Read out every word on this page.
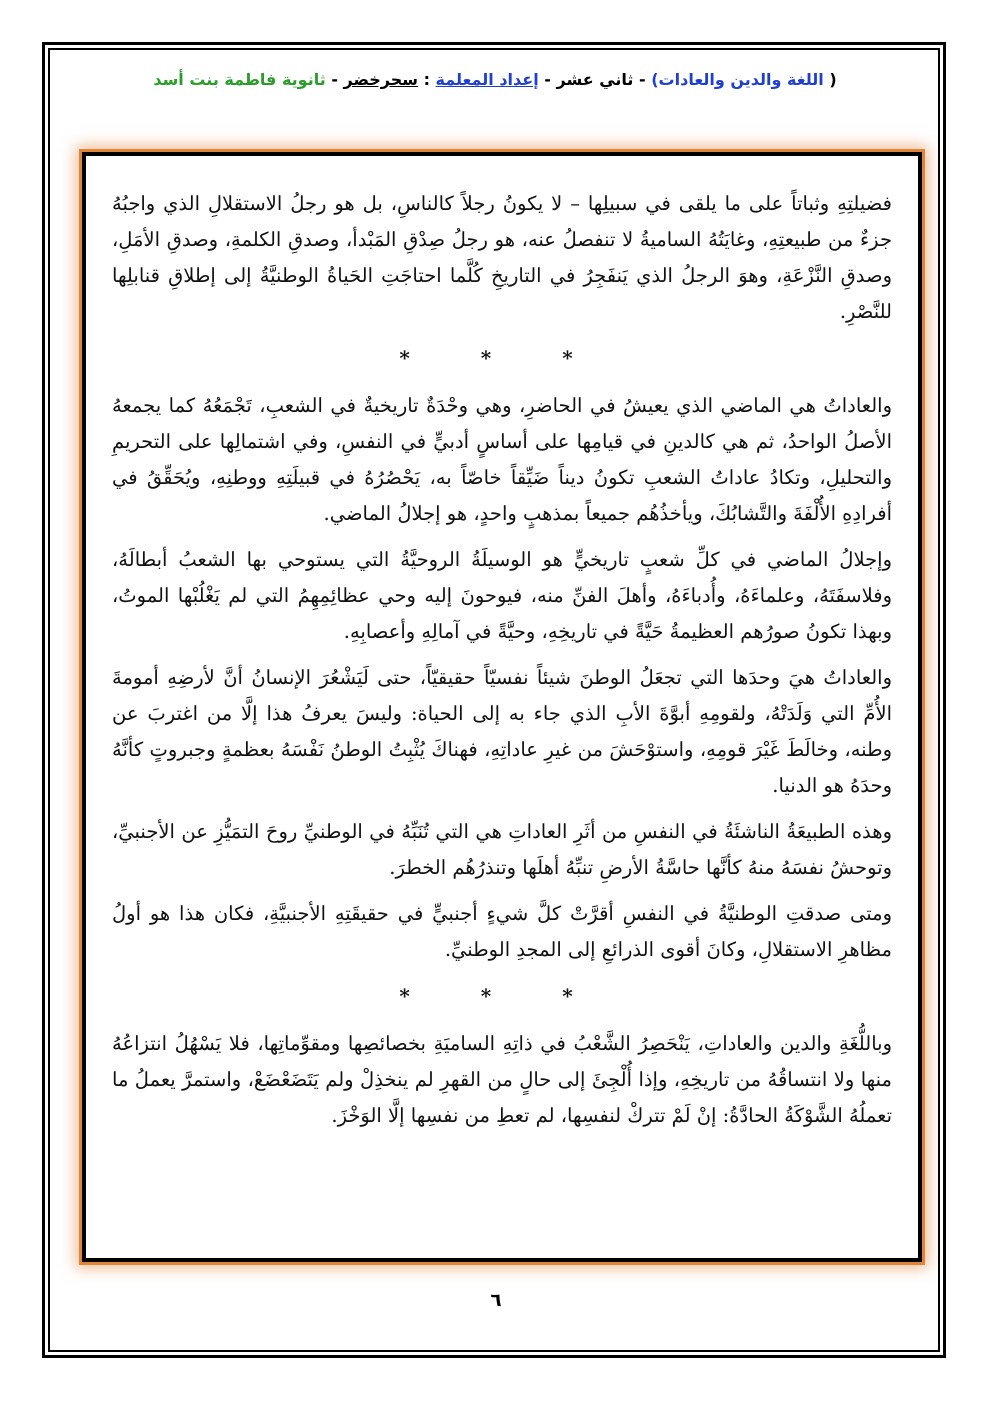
( اللغة والدين والعادات) - ثاني عشر - إعداد المعلمة : سحرخضر - ثانوية فاطمة بنت أسد

فضيلتِهِ وثباتاً على ما يلقى في سبيلِها – لا يكونُ رجلاً كالناسِ، بل هو رجلُ الاستقلالِ الذي واجبُهُ جزءٌ من طبيعتِهِ، وغايَتُهُ الساميةُ لا تنفصلُ عنه، هو رجلُ صِدْقِ المَبْدأ، وصدقِ الكلمةِ، وصدقِ الأمَلِ، وصدقِ النَّزْعَةِ، وهوَ الرجلُ الذي يَنفَجِرُ في التاريخِ كُلَّما احتاجَتِ الحَياةُ الوطنيَّةُ إلى إطلاقِ قنابلِها للنَّصْرِ.

* * *

والعاداتُ هي الماضي الذي يعيشُ في الحاضرِ، وهي وحْدَةٌ تاريخيةٌ في الشعبِ، تَجْمَعُهُ كما يجمعهُ الأصلُ الواحدُ، ثم هي كالدينِ في قيامِها على أساسٍ أدبيٍّ في النفسِ، وفي اشتمالِها على التحريمِ والتحليلِ، وتكادُ عاداتُ الشعبِ تكونُ ديناً ضَيِّقاً خاصّاً به، يَحْصُرُهُ في قبيلَتِهِ ووطنِهِ، ويُحَقِّقُ في أفرادِهِ الأُلْفَةَ والتَّشابُكَ، ويأخذُهُم جميعاً بمذهبٍ واحدٍ، هو إجلالُ الماضي.

وإجلالُ الماضي في كلِّ شعبٍ تاريخيٍّ هو الوسيلَةُ الروحيَّةُ التي يستوحي بها الشعبُ أبطالَهُ، وفلاسفَتَهُ، وعلماءَهُ، وأُدباءَهُ، وأهلَ الفنِّ منه، فيوحونَ إليه وحي عظائِمِهِمُ التي لم يَغْلُبْها الموتُ، وبهذا تكونُ صورُهم العظيمةُ حَيَّةً في تاريخِهِ، وحيَّةً في آمالِهِ وأعصابِهِ.

والعاداتُ هيَ وحدَها التي تجعَلُ الوطنَ شيئاً نفسيّاً حقيقيّاً، حتى لَيَشْعُرَ الإنسانُ أنَّ لأرضِهِ أمومةَ الأُمِّ التي وَلَدَتْهُ، ولقومِهِ أبوَّةَ الأبِ الذي جاء به إلى الحياة: وليسَ يعرفُ هذا إلَّا من اغتربَ عن وطنه، وخالَطَ غَيْرَ قومِهِ، واستوْحَشَ من غيرِ عاداتِهِ، فهناكَ يُثْبِتُ الوطنُ نَفْسَهُ بعظمةٍ وجبروتٍ كأنَّهُ وحدَهُ هو الدنيا.

وهذه الطبيعَةُ الناشئَةُ في النفسِ من أثَرِ العاداتِ هي التي تُنَبِّهُ في الوطنيِّ روحَ التمَيُّزِ عن الأجنبيِّ، وتوحشُ نفسَهُ منهُ كأنَّها حاسَّةُ الأرضِ تنبِّهُ أهلَها وتنذرُهُم الخطرَ.

ومتى صدقتِ الوطنيَّةُ في النفسِ أقرَّتْ كلَّ شيءٍ أجنبيٍّ في حقيقَتِهِ الأجنبيَّةِ، فكان هذا هو أولُ مظاهرِ الاستقلالِ، وكانَ أقوى الذرائعِ إلى المجدِ الوطنيِّ.

* * *

وباللُّغَةِ والدين والعاداتِ، يَنْحَصِرُ الشَّعْبُ في ذاتِهِ الساميَةِ بخصائصِها ومقوِّماتِها، فلا يَسْهُلُ انتزاعُهُ منها ولا انتساقُهُ من تاريخِهِ، وإذا أُلْجِئَ إلى حالٍ من القهرِ لم ينخذِلْ ولم يَتَضَعْضَعْ، واستمرَّ يعملُ ما تعملُهُ الشَّوْكَةُ الحادَّةُ: إنْ لَمْ تتركْ لنفسِها، لم تعطِ من نفسِها إلَّا الوَخْزَ.

٦
